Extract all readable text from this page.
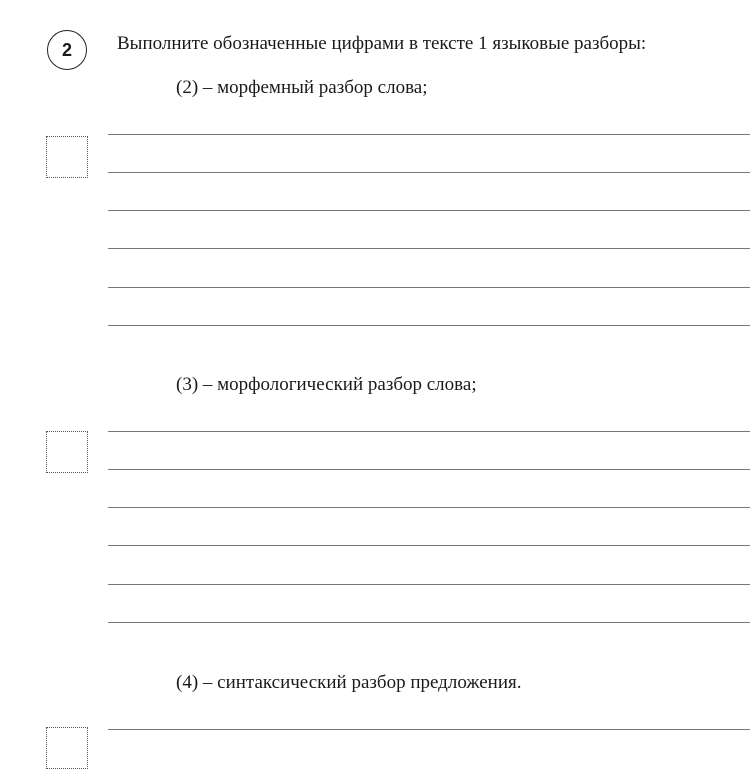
2 Выполните обозначенные цифрами в тексте 1 языковые разборы:
(2) – морфемный разбор слова;
(3) – морфологический разбор слова;
(4) – синтаксический разбор предложения.
